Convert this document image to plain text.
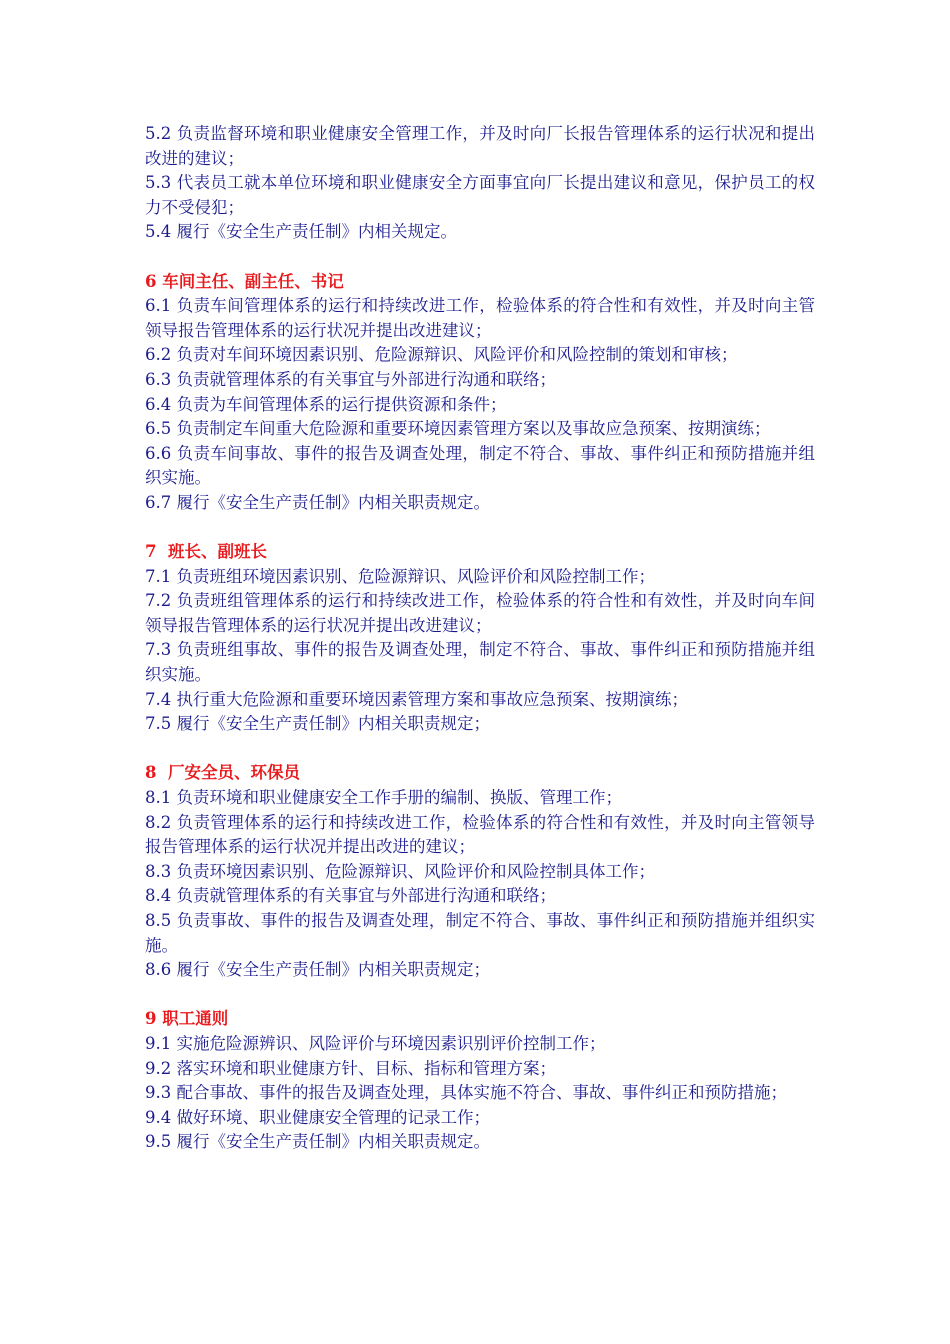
5.2 负责监督环境和职业健康安全管理工作，并及时向厂长报告管理体系的运行状况和提出改进的建议；

5.3 代表员工就本单位环境和职业健康安全方面事宜向厂长提出建议和意见，保护员工的权力不受侵犯；

5.4 履行《安全生产责任制》内相关规定。

6 车间主任、副主任、书记

6.1 负责车间管理体系的运行和持续改进工作，检验体系的符合性和有效性，并及时向主管领导报告管理体系的运行状况并提出改进建议；

6.2 负责对车间环境因素识别、危险源辩识、风险评价和风险控制的策划和审核；

6.3 负责就管理体系的有关事宜与外部进行沟通和联络；

6.4 负责为车间管理体系的运行提供资源和条件；

6.5 负责制定车间重大危险源和重要环境因素管理方案以及事故应急预案、按期演练；

6.6 负责车间事故、事件的报告及调查处理，制定不符合、事故、事件纠正和预防措施并组织实施。

6.7 履行《安全生产责任制》内相关职责规定。

7  班长、副班长

7.1 负责班组环境因素识别、危险源辩识、风险评价和风险控制工作；

7.2 负责班组管理体系的运行和持续改进工作，检验体系的符合性和有效性，并及时向车间领导报告管理体系的运行状况并提出改进建议；

7.3 负责班组事故、事件的报告及调查处理，制定不符合、事故、事件纠正和预防措施并组织实施。

7.4 执行重大危险源和重要环境因素管理方案和事故应急预案、按期演练；

7.5 履行《安全生产责任制》内相关职责规定；

8  厂安全员、环保员

8.1 负责环境和职业健康安全工作手册的编制、换版、管理工作；

8.2 负责管理体系的运行和持续改进工作，检验体系的符合性和有效性，并及时向主管领导报告管理体系的运行状况并提出改进的建议；

8.3 负责环境因素识别、危险源辩识、风险评价和风险控制具体工作；

8.4 负责就管理体系的有关事宜与外部进行沟通和联络；

8.5 负责事故、事件的报告及调查处理，制定不符合、事故、事件纠正和预防措施并组织实施。

8.6 履行《安全生产责任制》内相关职责规定；

9 职工通则

9.1 实施危险源辨识、风险评价与环境因素识别评价控制工作；

9.2 落实环境和职业健康方针、目标、指标和管理方案；

9.3 配合事故、事件的报告及调查处理，具体实施不符合、事故、事件纠正和预防措施；

9.4 做好环境、职业健康安全管理的记录工作；

9.5 履行《安全生产责任制》内相关职责规定。
